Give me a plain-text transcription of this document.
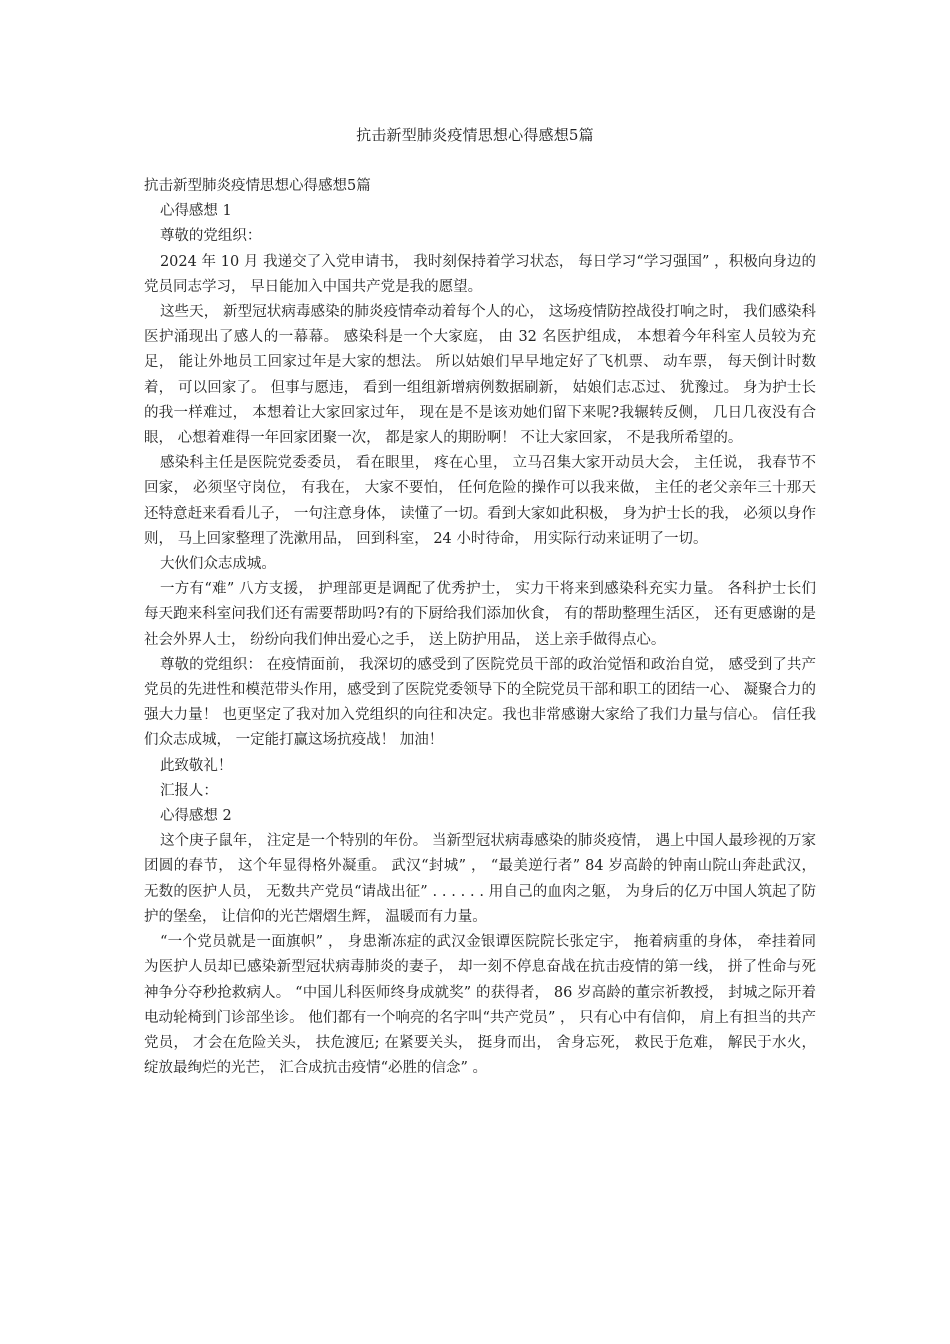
抗击新型肺炎疫情思想心得感想5篇

抗击新型肺炎疫情思想心得感想5篇

心得感想 1

尊敬的党组织：

2024 年 10 月 我递交了入党申请书， 我时刻保持着学习状态， 每日学习“学习强国” ，积极向身边的党员同志学习， 早日能加入中国共产党是我的愿望。

这些天， 新型冠状病毒感染的肺炎疫情牵动着每个人的心， 这场疫情防控战役打响之时， 我们感染科医护涌现出了感人的一幕幕。 感染科是一个大家庭， 由 32 名医护组成， 本想着今年科室人员较为充足， 能让外地员工回家过年是大家的想法。 所以姑娘们早早地定好了飞机票、 动车票， 每天倒计时数着， 可以回家了。 但事与愿违， 看到一组组新增病例数据刷新， 姑娘们志忑过、 犹豫过。 身为护士长的我一样难过， 本想着让大家回家过年， 现在是不是该劝她们留下来呢?我辗转反侧， 几日几夜没有合眼， 心想着难得一年回家团聚一次， 都是家人的期盼啊！ 不让大家回家， 不是我所希望的。

感染科主任是医院党委委员， 看在眼里， 疼在心里， 立马召集大家开动员大会， 主任说， 我春节不回家， 必须坚守岗位， 有我在， 大家不要怕， 任何危险的操作可以我来做， 主任的老父亲年三十那天还特意赶来看看儿子， 一句注意身体， 读懂了一切。看到大家如此积极， 身为护士长的我， 必须以身作则， 马上回家整理了洗漱用品， 回到科室， 24 小时待命， 用实际行动来证明了一切。

大伙们众志成城。

一方有“难” 八方支援， 护理部更是调配了优秀护士， 实力干将来到感染科充实力量。 各科护士长们每天跑来科室问我们还有需要帮助吗?有的下厨给我们添加伙食， 有的帮助整理生活区， 还有更感谢的是社会外界人士， 纷纷向我们伸出爱心之手， 送上防护用品， 送上亲手做得点心。

尊敬的党组织： 在疫情面前， 我深切的感受到了医院党员干部的政治觉悟和政治自觉， 感受到了共产党员的先进性和模范带头作用，感受到了医院党委领导下的全院党员干部和职工的团结一心、 凝聚合力的强大力量！ 也更坚定了我对加入党组织的向往和决定。我也非常感谢大家给了我们力量与信心。 信任我们众志成城， 一定能打赢这场抗疫战！ 加油！

此致敬礼！

汇报人：

心得感想 2

这个庚子鼠年， 注定是一个特别的年份。 当新型冠状病毒感染的肺炎疫情， 遇上中国人最珍视的万家团圆的春节， 这个年显得格外凝重。 武汉“封城” ， “最美逆行者” 84 岁高龄的钟南山院山奔赴武汉， 无数的医护人员， 无数共产党员“请战出征” . . . . . . 用自己的血肉之躯， 为身后的亿万中国人筑起了防护的堡垒， 让信仰的光芒熠熠生辉， 温暖而有力量。

“一个党员就是一面旗帜” ， 身患渐冻症的武汉金银谭医院院长张定宇， 拖着病重的身体， 牵挂着同为医护人员却已感染新型冠状病毒肺炎的妻子， 却一刻不停息奋战在抗击疫情的第一线， 拼了性命与死神争分夺秒抢救病人。 “中国儿科医师终身成就奖” 的获得者， 86 岁高龄的董宗祈教授， 封城之际开着电动轮椅到门诊部坐诊。 他们都有一个响亮的名字叫“共产党员” ， 只有心中有信仰， 肩上有担当的共产党员， 才会在危险关头， 扶危渡厄; 在紧要关头， 挺身而出， 舍身忘死， 救民于危难， 解民于水火， 绽放最绚烂的光芒， 汇合成抗击疫情“必胜的信念” 。
